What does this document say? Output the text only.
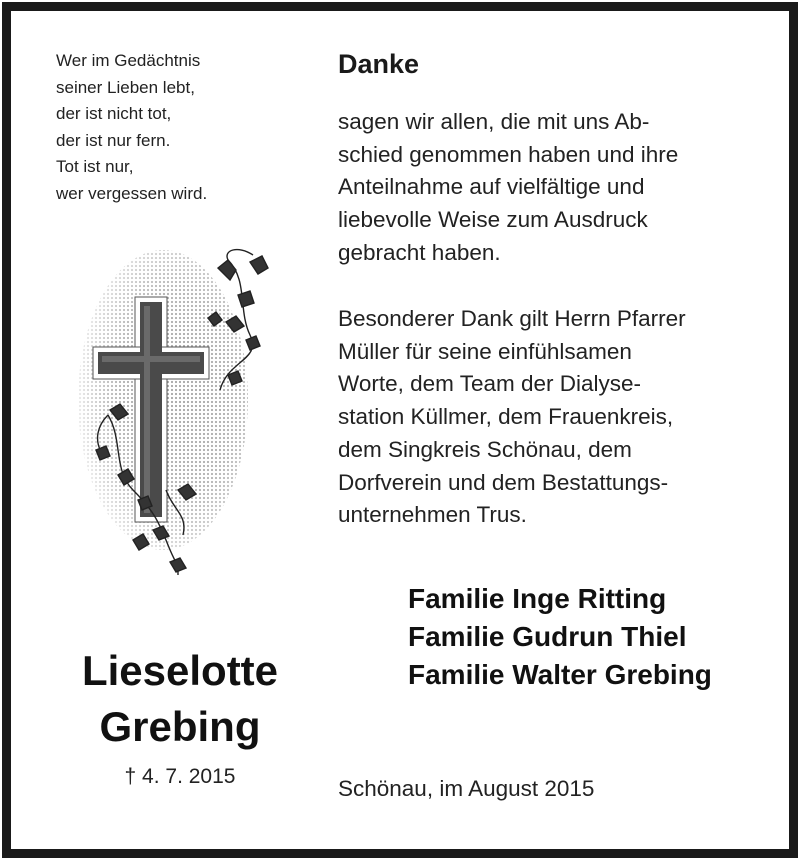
Wer im Gedächtnis
seiner Lieben lebt,
der ist nicht tot,
der ist nur fern.
Tot ist nur,
wer vergessen wird.
Lieselotte
Grebing
† 4. 7. 2015
Danke
sagen wir allen, die mit uns Ab-
schied genommen haben und ihre
Anteilnahme auf vielfältige und
liebevolle Weise zum Ausdruck
gebracht haben.
Besonderer Dank gilt Herrn Pfarrer
Müller für seine einfühlsamen
Worte, dem Team der Dialyse-
station Küllmer, dem Frauenkreis,
dem Singkreis Schönau, dem
Dorfverein und dem Bestattungs-
unternehmen Trus.
Familie Inge Ritting
Familie Gudrun Thiel
Familie Walter Grebing
Schönau, im August 2015
